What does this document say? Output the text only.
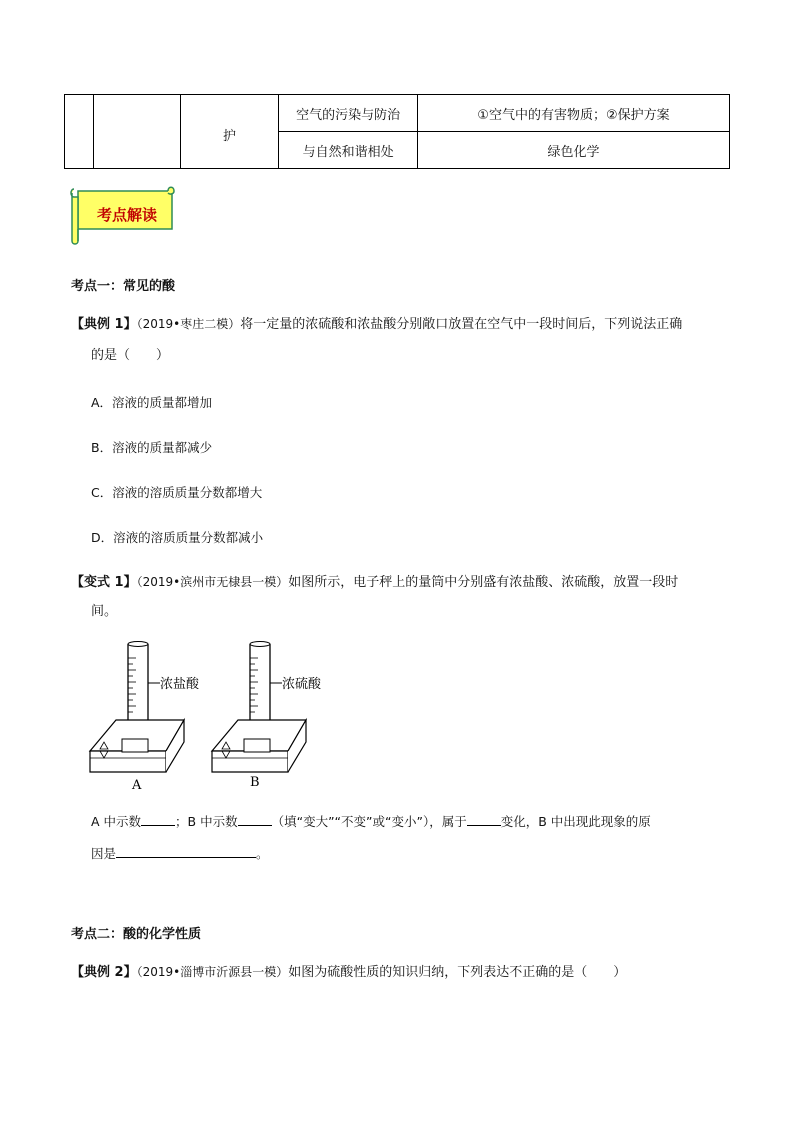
		护	空气的污染与防治	①空气中的有害物质；②保护方案
			与自然和谐相处	绿色化学
考点解读
考点一：常见的酸
【典例 1】（2019•枣庄二模）将一定量的浓硫酸和浓盐酸分别敞口放置在空气中一段时间后，下列说法正确
的是（　　）
A．溶液的质量都增加
B．溶液的质量都减少
C．溶液的溶质质量分数都增大
D．溶液的溶质质量分数都减小
【变式 1】（2019•滨州市无棣县一模）如图所示，电子秤上的量筒中分别盛有浓盐酸、浓硫酸，放置一段时
间。
浓盐酸
A
浓硫酸
B
A 中示数	；B 中示数	（填“变大”“不变”或“变小”），属于	变化，B 中出现此现象的原
因是	。
考点二：酸的化学性质
【典例 2】（2019•淄博市沂源县一模）如图为硫酸性质的知识归纳，下列表达不正确的是（　　）
